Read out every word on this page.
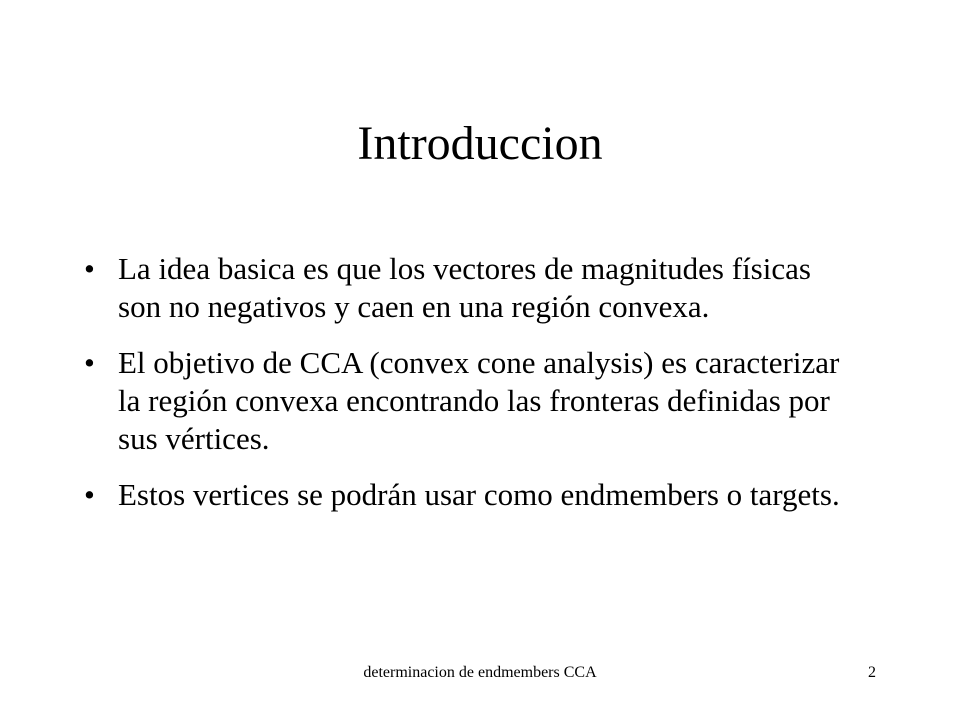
Introduccion
• La idea basica es que los vectores de magnitudes físicas son no negativos y caen en una región convexa.
• El objetivo de CCA (convex cone analysis) es caracterizar la región convexa encontrando las fronteras definidas por sus vértices.
• Estos vertices se podrán usar como endmembers o targets.
determinacion de endmembers CCA	2
